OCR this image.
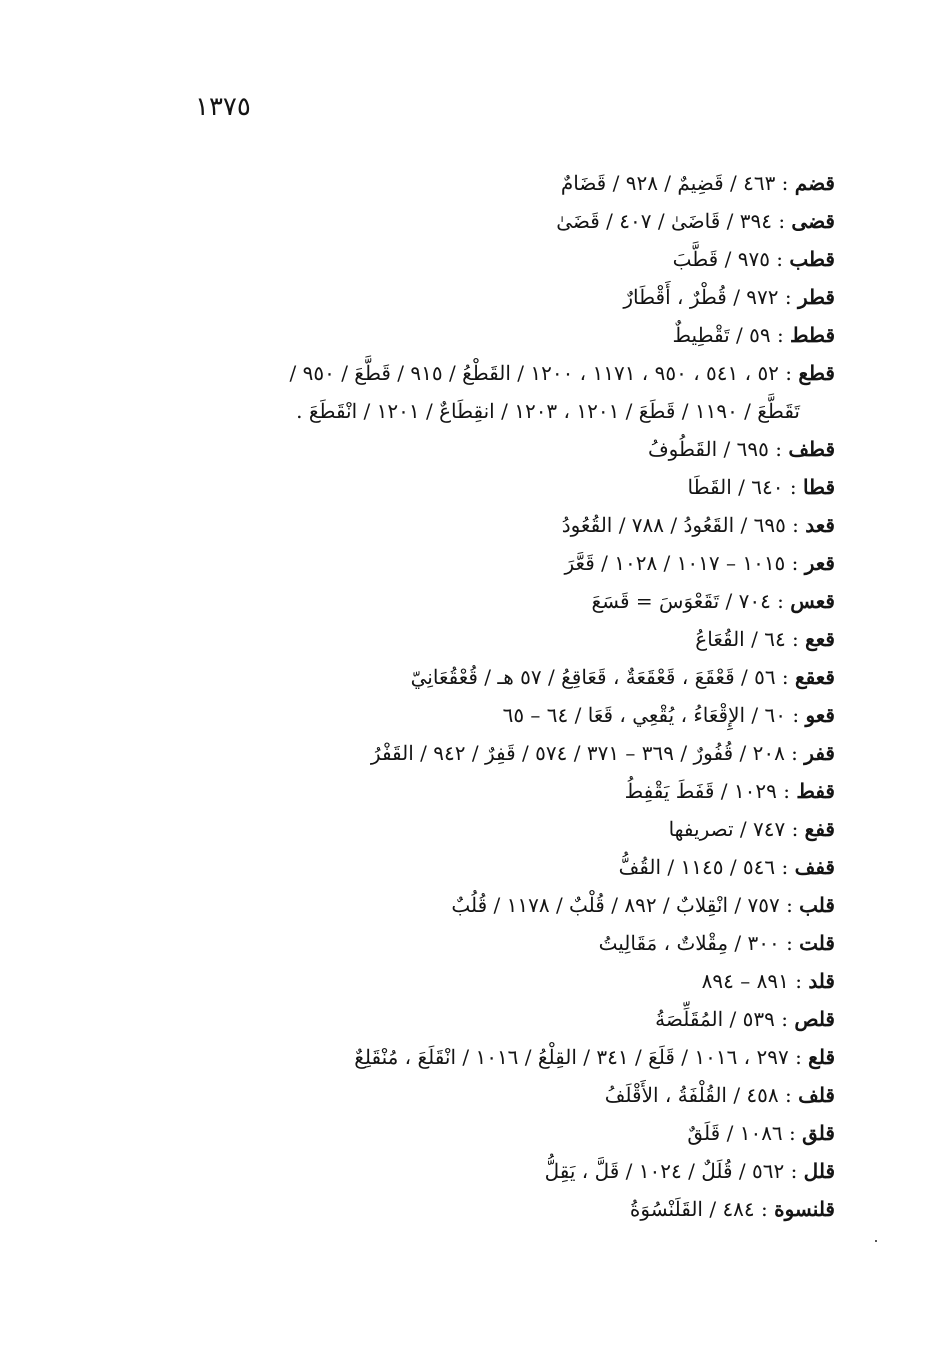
١٣٧٥
قضم : ٤٦٣ / قَضِيمٌ / ٩٢٨ / قَضَامٌ
قضى : ٣٩٤ / قَاضَىٰ / ٤٠٧ / قَضَىٰ
قطب : ٩٧٥ / قَطَّبَ
قطر : ٩٧٢ / قُطْرٌ ، أَقْطَارٌ
قطط : ٥٩ / تَقْطِيطٌ
قطع : ٥٢ ، ٥٤١ ، ٩٥٠ ، ١١٧١ ، ١٢٠٠ / القَطْعُ / ٩١٥ / قَطَّعَ / ٩٥٠ /
تَقَطَّعَ / ١١٩٠ / قَطَعَ / ١٢٠١ ، ١٢٠٣ / انقِطَاعٌ / ١٢٠١ / انْقَطَعَ .
قطف : ٦٩٥ / القَطُوفُ
قطا : ٦٤٠ / القَطَا
قعد : ٦٩٥ / القَعُودُ / ٧٨٨ / القُعُودُ
قعر : ١٠١٥ – ١٠١٧ / ١٠٢٨ / قَعَّرَ
قعس : ٧٠٤ / تَقَعْوَسَ = قَسَعَ
قعع : ٦٤ / القُعَاعُ
قعقع : ٥٦ / قَعْقَعَ ، قَعْقَعَةٌ ، قَعَاقِعُ / ٥٧ هـ / قُعْقُعَانِيّ
قعو : ٦٠ / الإِقْعَاءُ ، يُقْعِي ، قَعَا / ٦٤ – ٦٥
قفر : ٢٠٨ / قُفُورٌ / ٣٦٩ – ٣٧١ / ٥٧٤ / قَفِرٌ / ٩٤٢ / القَفْرُ
قفط : ١٠٢٩ / قَفَطَ يَقْفِطُ
قفع : ٧٤٧ / تصريفها
قفف : ٥٤٦ / ١١٤٥ / القُفُّ
قلب : ٧٥٧ / انْقِلابٌ / ٨٩٢ / قُلْبٌ / ١١٧٨ / قُلُبٌ
قلت : ٣٠٠ / مِقْلاتٌ ، مَقَالِيتُ
قلد : ٨٩١ – ٨٩٤
قلص : ٥٣٩ / المُقَلِّصَةُ
قلع : ٢٩٧ ، ١٠١٦ / قَلَعَ / ٣٤١ / القِلْعُ / ١٠١٦ / انْقَلَعَ ، مُنْقَلِعٌ
قلف : ٤٥٨ / القُلْفَةُ ، الأَقْلَفُ
قلق : ١٠٨٦ / قَلَقٌ
قلل : ٥٦٢ / قُلَلٌ / ١٠٢٤ / قَلَّ ، يَقِلُّ
قلنسوة : ٤٨٤ / القَلَنْسُوَةُ
